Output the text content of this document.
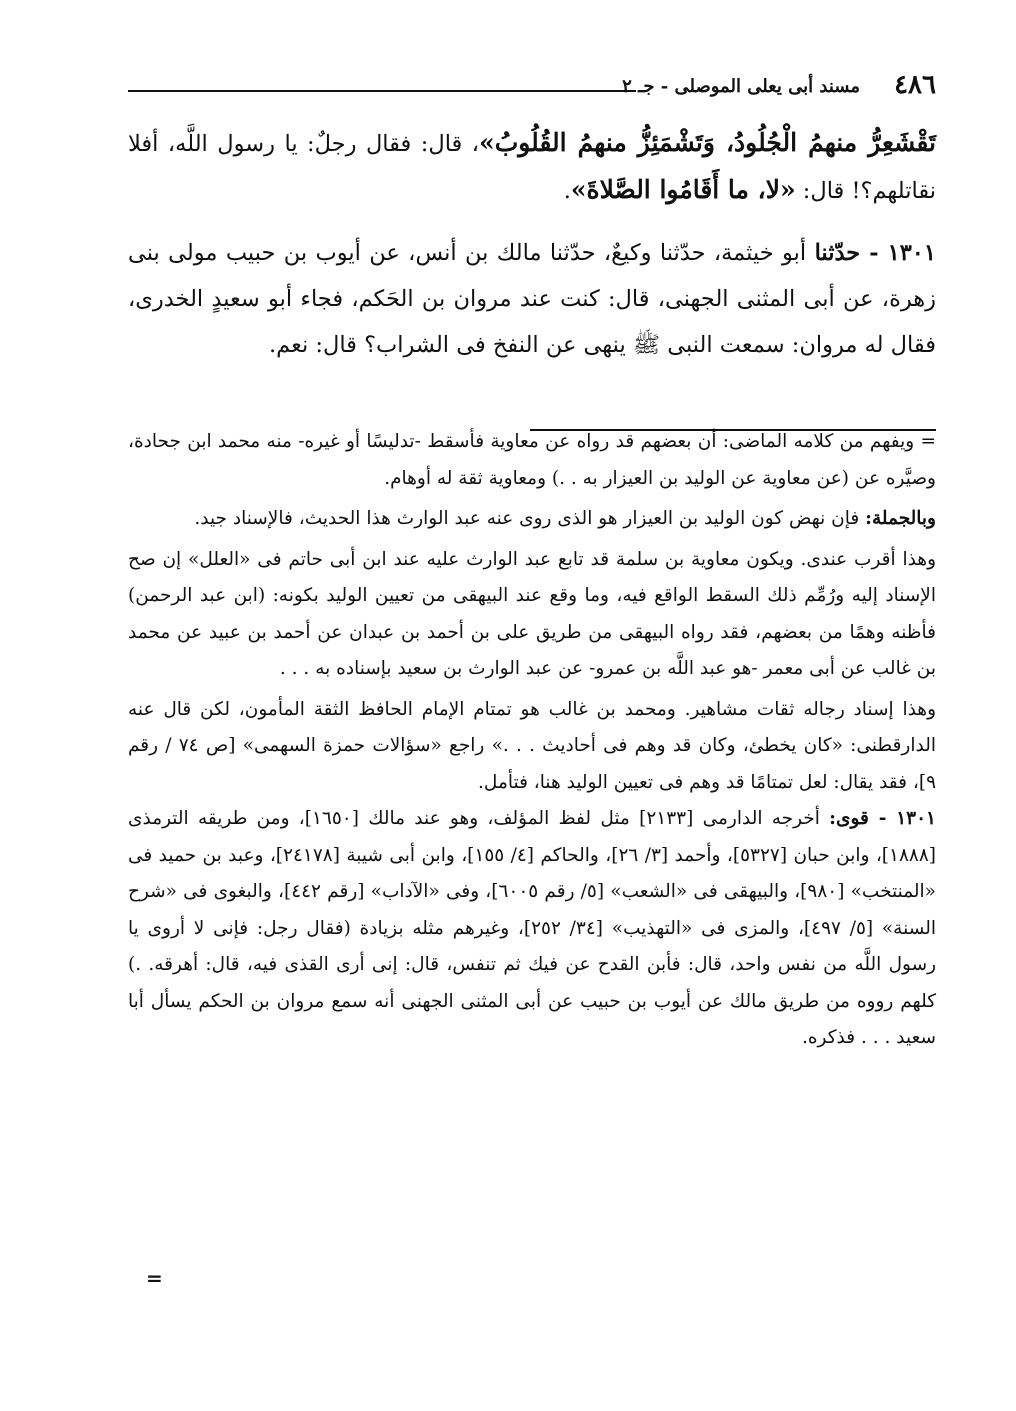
٤٨٦
مسند أبى يعلى الموصلى - جـ ٢

تَقْشَعِرُّ منهمُ الْجُلُودُ، وَتَشْمَئِزُّ منهمُ القُلُوبُ»، قال: فقال رجلٌ: يا رسول اللَّه، أفلا نقاتلهم؟! قال: «لا، ما أَقَامُوا الصَّلاةَ».

١٣٠١ - حدّثنا أبو خيثمة، حدّثنا وكيعٌ، حدّثنا مالك بن أنس، عن أيوب بن حبيب مولى بنى زهرة، عن أبى المثنى الجهنى، قال: كنت عند مروان بن الحَكم، فجاء أبو سعيدٍ الخدرى، فقال له مروان: سمعت النبى ﷺ ينهى عن النفخ فى الشراب؟ قال: نعم.

= ويفهم من كلامه الماضى: أن بعضهم قد رواه عن معاوية فأسقط -تدليسًا أو غيره- منه محمد ابن جحادة، وصيَّره عن (عن معاوية عن الوليد بن العيزار به . .) ومعاوية ثقة له أوهام.

وبالجملة: فإن نهض كون الوليد بن العيزار هو الذى روى عنه عبد الوارث هذا الحديث، فالإسناد جيد.

وهذا أقرب عندى. ويكون معاوية بن سلمة قد تابع عبد الوارث عليه عند ابن أبى حاتم فى «العلل» إن صح الإسناد إليه ورُمِّم ذلك السقط الواقع فيه، وما وقع عند البيهقى من تعيين الوليد بكونه: (ابن عبد الرحمن) فأظنه وهمًا من بعضهم، فقد رواه البيهقى من طريق على بن أحمد بن عبدان عن أحمد بن عبيد عن محمد بن غالب عن أبى معمر -هو عبد اللَّه بن عمرو- عن عبد الوارث بن سعيد بإسناده به . . .

وهذا إسناد رجاله ثقات مشاهير. ومحمد بن غالب هو تمتام الإمام الحافظ الثقة المأمون، لكن قال عنه الدارقطنى: «كان يخطئ، وكان قد وهم فى أحاديث . . .» راجع «سؤالات حمزة السهمى» [ص ٧٤ / رقم ٩]، فقد يقال: لعل تمتامًا قد وهم فى تعيين الوليد هنا، فتأمل.

١٣٠١ - قوى: أخرجه الدارمى [٢١٣٣] مثل لفظ المؤلف، وهو عند مالك [١٦٥٠]، ومن طريقه الترمذى [١٨٨٨]، وابن حبان [٥٣٢٧]، وأحمد [٣/ ٢٦]، والحاكم [٤/ ١٥٥]، وابن أبى شيبة [٢٤١٧٨]، وعبد بن حميد فى «المنتخب» [٩٨٠]، والبيهقى فى «الشعب» [٥/ رقم ٦٠٠٥]، وفى «الآداب» [رقم ٤٤٢]، والبغوى فى «شرح السنة» [٥/ ٤٩٧]، والمزى فى «التهذيب» [٣٤/ ٢٥٢]، وغيرهم مثله بزيادة (فقال رجل: فإنى لا أروى يا رسول اللَّه من نفس واحد، قال: فأبن القدح عن فيك ثم تنفس، قال: إنى أرى القذى فيه، قال: أهرقه. .) كلهم رووه من طريق مالك عن أيوب بن حبيب عن أبى المثنى الجهنى أنه سمع مروان بن الحكم يسأل أبا سعيد . . . فذكره.

=
